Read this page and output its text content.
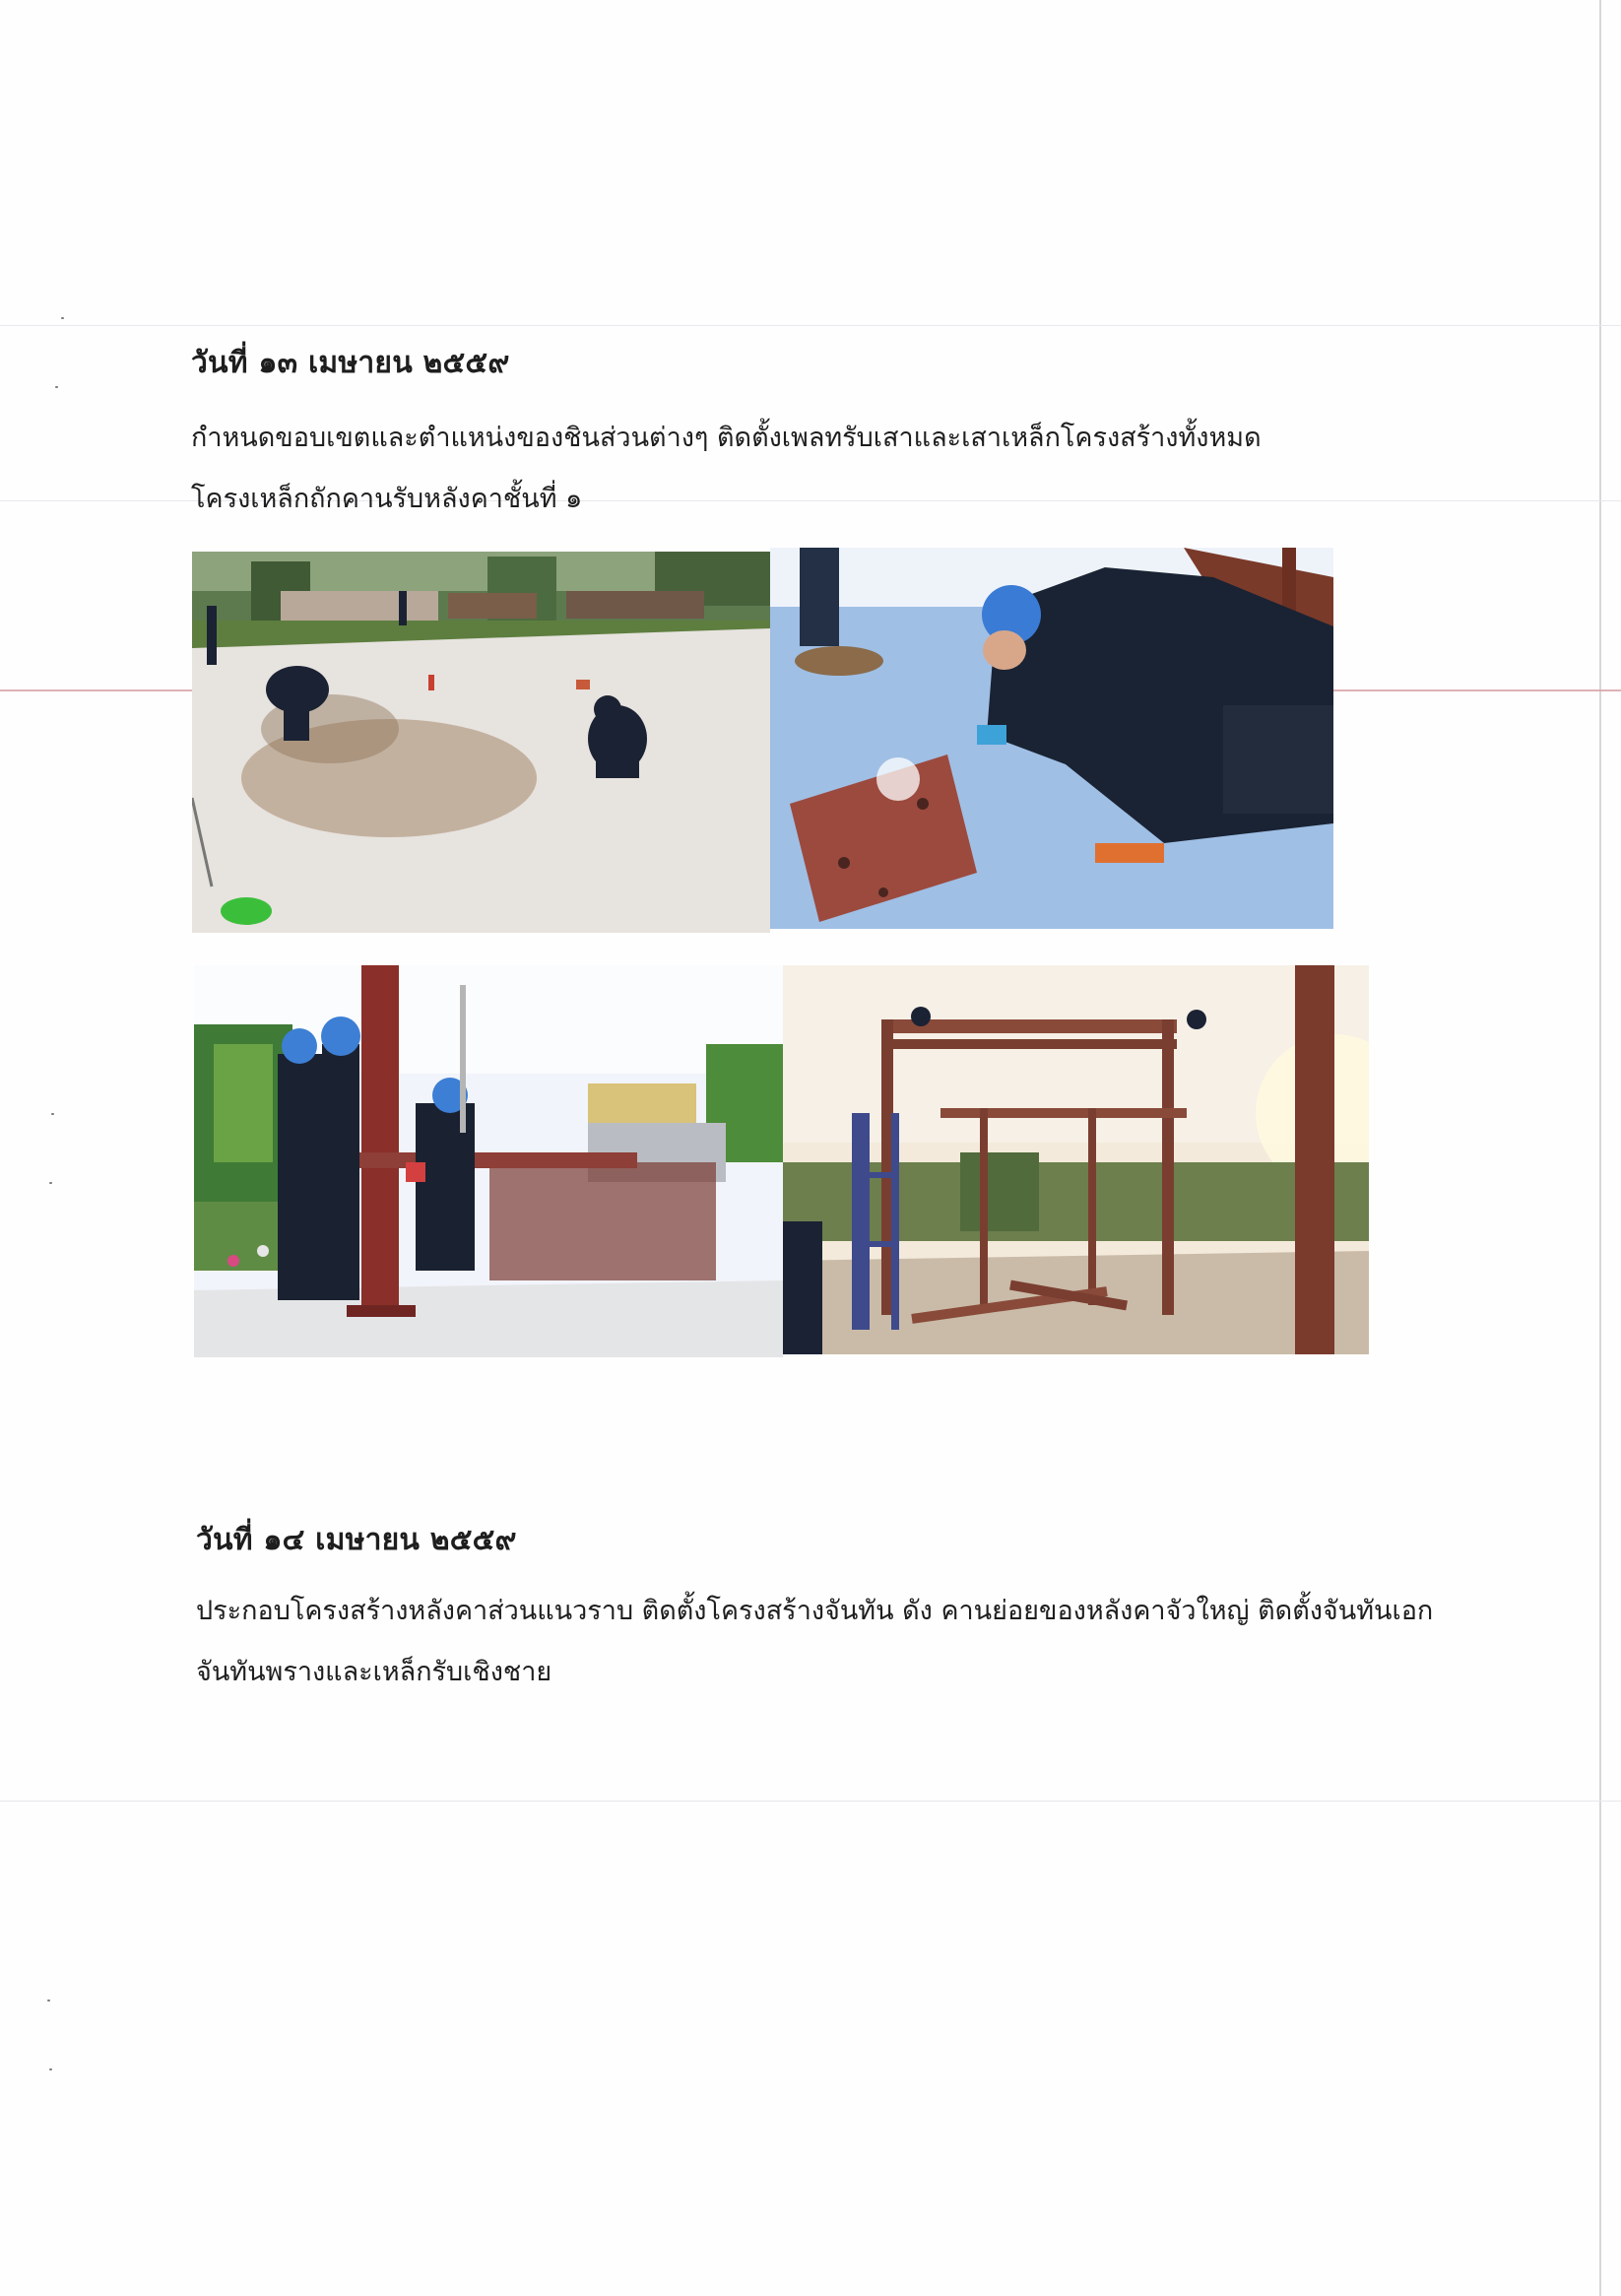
วันที่ ๑๓ เมษายน ๒๕๕๙

กำหนดขอบเขตและตำแหน่งของชินส่วนต่างๆ ติดตั้งเพลทรับเสาและเสาเหล็กโครงสร้างทั้งหมด
โครงเหล็กถักคานรับหลังคาชั้นที่ ๑

วันที่ ๑๔ เมษายน ๒๕๕๙

ประกอบโครงสร้างหลังคาส่วนแนวราบ ติดตั้งโครงสร้างจันทัน ดัง คานย่อยของหลังคาจัวใหญ่ ติดตั้งจันทันเอก
จันทันพรางและเหล็กรับเชิงชาย
